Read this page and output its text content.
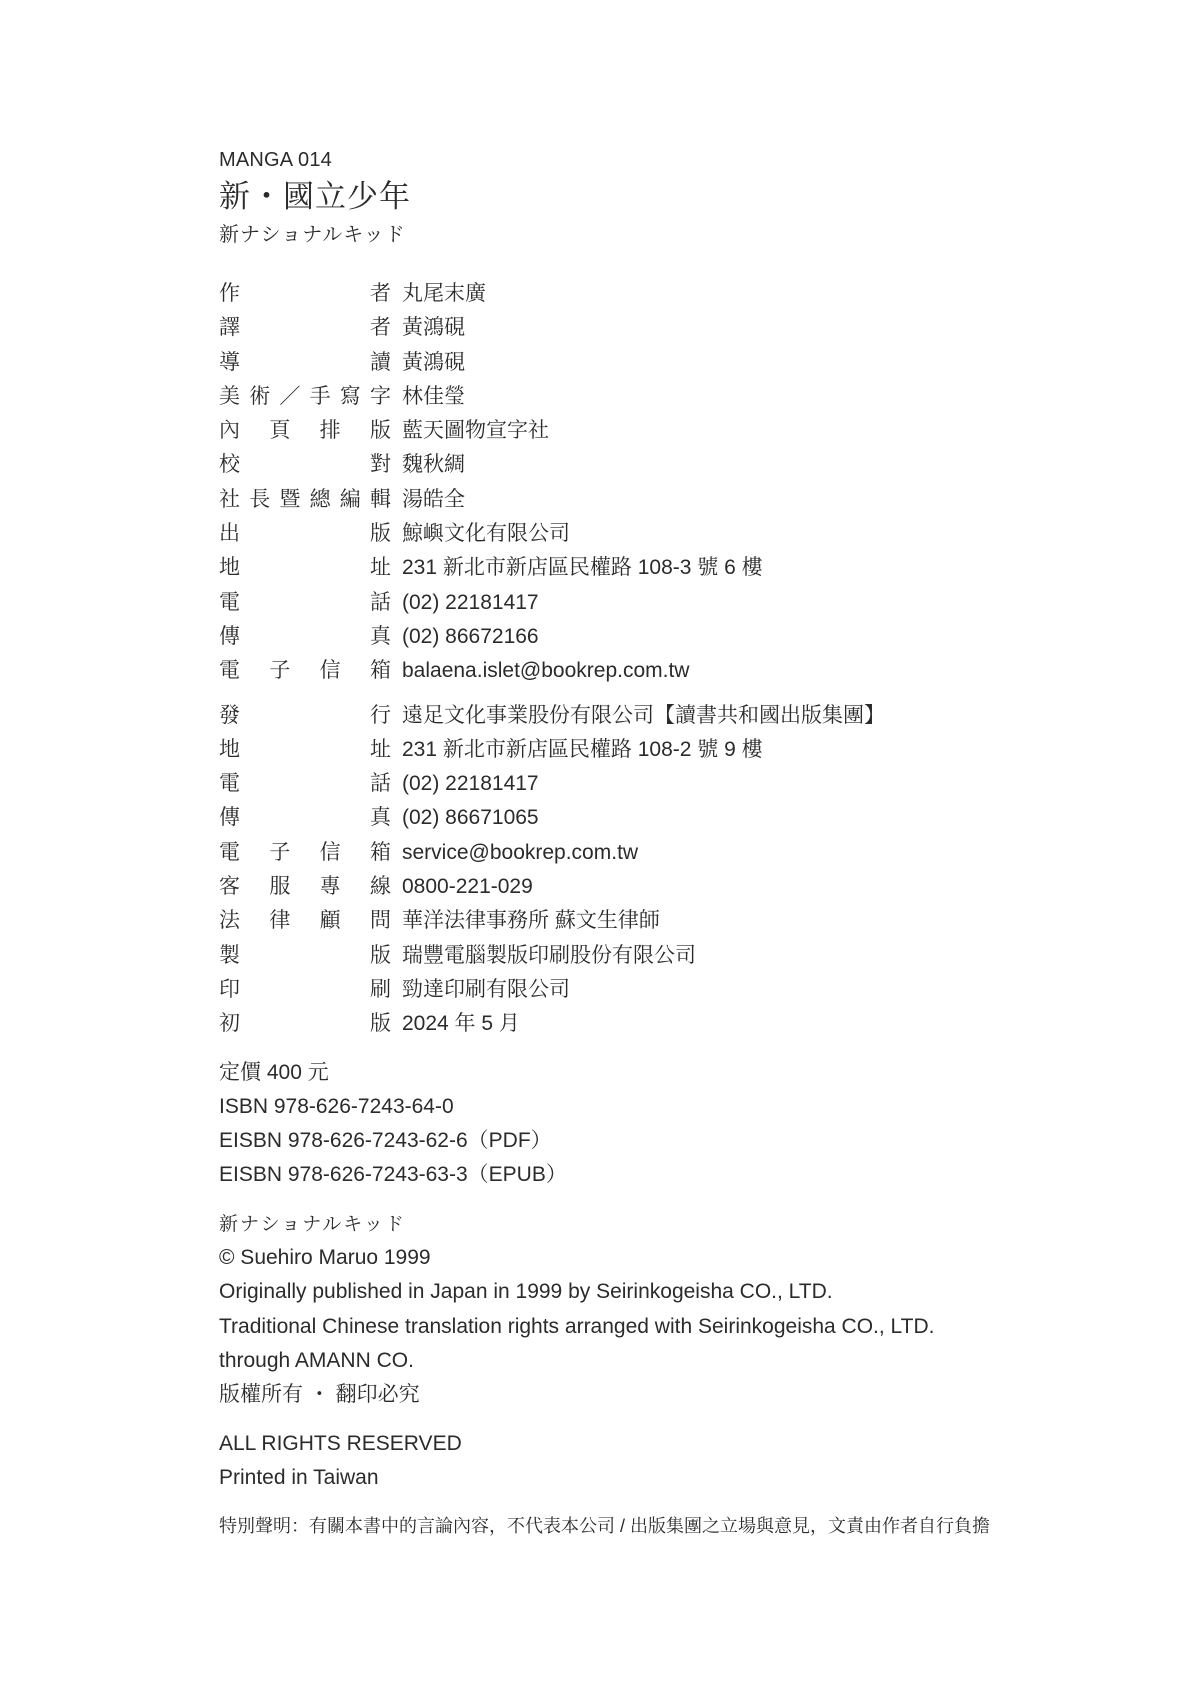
MANGA 014
新・國立少年
新ナショナルキッド
作者 丸尾末廣
譯者 黃鴻硯
導讀 黃鴻硯
美術／手寫字 林佳瑩
內頁排版 藍天圖物宣字社
校對 魏秋綢
社長暨總編輯 湯皓全
出版 鯨嶼文化有限公司
地址 231 新北市新店區民權路 108-3 號 6 樓
電話 (02) 22181417
傳真 (02) 86672166
電子信箱 balaena.islet@bookrep.com.tw
發行 遠足文化事業股份有限公司【讀書共和國出版集團】
地址 231 新北市新店區民權路 108-2 號 9 樓
電話 (02) 22181417
傳真 (02) 86671065
電子信箱 service@bookrep.com.tw
客服專線 0800-221-029
法律顧問 華洋法律事務所 蘇文生律師
製版 瑞豐電腦製版印刷股份有限公司
印刷 勁達印刷有限公司
初版 2024 年 5 月
定價 400 元
ISBN 978-626-7243-64-0
EISBN 978-626-7243-62-6（PDF）
EISBN 978-626-7243-63-3（EPUB）
新ナショナルキッド
© Suehiro Maruo 1999
Originally published in Japan in 1999 by Seirinkogeisha CO., LTD.
Traditional Chinese translation rights arranged with Seirinkogeisha CO., LTD.
through AMANN CO.
版權所有 ・ 翻印必究
ALL RIGHTS RESERVED
Printed in Taiwan
特別聲明：有關本書中的言論內容，不代表本公司 / 出版集團之立場與意見，文責由作者自行負擔
